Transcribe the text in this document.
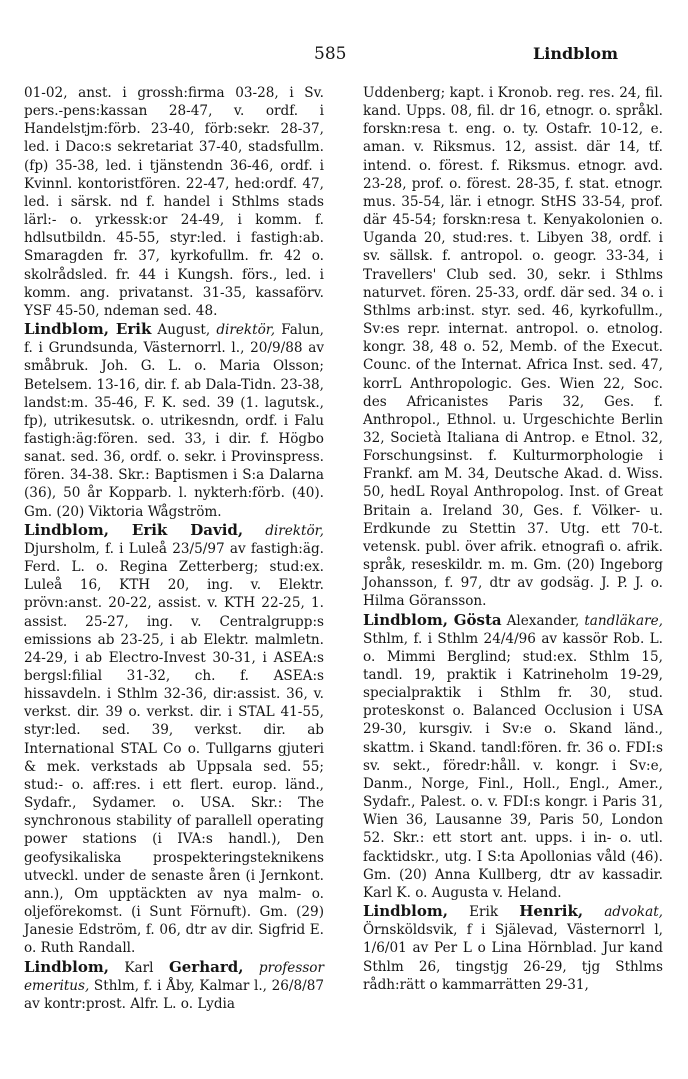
585	Lindblom

01-02, anst. i grossh:firma 03-28, i Sv. pers.-pens:kassan 28-47, v. ordf. i Handelstjm:förb. 23-40, förb:sekr. 28-37, led. i Daco:s sekretariat 37-40, stadsfullm. (fp) 35-38, led. i tjänstendn 36-46, ordf. i Kvinnl. kontoristfören. 22-47, hed:ordf. 47, led. i särsk. nd f. handel i Sthlms stads lärl:- o. yrkessk:or 24-49, i komm. f. hdlsutbildn. 45-55, styr:led. i fastigh:ab. Smaragden fr. 37, kyrkofullm. fr. 42 o. skolrådsled. fr. 44 i Kungsh. förs., led. i komm. ang. privatanst. 31-35, kassaförv. YSF 45-50, ndeman sed. 48.

Lindblom, Erik August, direktör, Falun, f. i Grundsunda, Västernorrl. l., 20/9/88 av småbruk. Joh. G. L. o. Maria Olsson; Betelsem. 13-16, dir. f. ab Dala-Tidn. 23-38, landst:m. 35-46, F. K. sed. 39 (1. lagutsk., fp), utrikesutsk. o. utrikesndn, ordf. i Falu fastigh:äg:fören. sed. 33, i dir. f. Högbo sanat. sed. 36, ordf. o. sekr. i Provinspress. fören. 34-38. Skr.: Baptismen i S:a Dalarna (36), 50 år Kopparb. l. nykterh:förb. (40). Gm. (20) Viktoria Wågström.

Lindblom, Erik David, direktör, Djursholm, f. i Luleå 23/5/97 av fastigh:äg. Ferd. L. o. Regina Zetterberg; stud:ex. Luleå 16, KTH 20, ing. v. Elektr. prövn:anst. 20-22, assist. v. KTH 22-25, 1. assist. 25-27, ing. v. Centralgrupp:s emissions ab 23-25, i ab Elektr. malmletn. 24-29, i ab Electro-Invest 30-31, i ASEA:s bergsl:filial 31-32, ch. f. ASEA:s hissavdeln. i Sthlm 32-36, dir:assist. 36, v. verkst. dir. 39 o. verkst. dir. i STAL 41-55, styr:led. sed. 39, verkst. dir. ab International STAL Co o. Tullgarns gjuteri & mek. verkstads ab Uppsala sed. 55; stud:- o. aff:res. i ett flert. europ. länd., Sydafr., Sydamer. o. USA. Skr.: The synchronous stability of parallell operating power stations (i IVA:s handl.), Den geofysikaliska prospekteringsteknikens utveckl. under de senaste åren (i Jernkont. ann.), Om upptäckten av nya malm- o. oljeförekomst. (i Sunt Förnuft). Gm. (29) Janesie Edström, f. 06, dtr av dir. Sigfrid E. o. Ruth Randall.

Lindblom, Karl Gerhard, professor emeritus, Sthlm, f. i Åby, Kalmar l., 26/8/87 av kontr:prost. Alfr. L. o. Lydia

Uddenberg; kapt. i Kronob. reg. res. 24, fil. kand. Upps. 08, fil. dr 16, etnogr. o. språkl. forskn:resa t. eng. o. ty. Ostafr. 10-12, e. aman. v. Riksmus. 12, assist. där 14, tf. intend. o. förest. f. Riksmus. etnogr. avd. 23-28, prof. o. förest. 28-35, f. stat. etnogr. mus. 35-54, lär. i etnogr. StHS 33-54, prof. där 45-54; forskn:resa t. Kenyakolonien o. Uganda 20, stud:res. t. Libyen 38, ordf. i sv. sällsk. f. antropol. o. geogr. 33-34, i Travellers' Club sed. 30, sekr. i Sthlms naturvet. fören. 25-33, ordf. där sed. 34 o. i Sthlms arb:inst. styr. sed. 46, kyrkofullm., Sv:es repr. internat. antropol. o. etnolog. kongr. 38, 48 o. 52, Memb. of the Execut. Counc. of the Internat. Africa Inst. sed. 47, korrL Anthropologic. Ges. Wien 22, Soc. des Africanistes Paris 32, Ges. f. Anthropol., Ethnol. u. Urgeschichte Berlin 32, Società Italiana di Antrop. e Etnol. 32, Forschungsinst. f. Kulturmorphologie i Frankf. am M. 34, Deutsche Akad. d. Wiss. 50, hedL Royal Anthropolog. Inst. of Great Britain a. Ireland 30, Ges. f. Völker- u. Erdkunde zu Stettin 37. Utg. ett 70-t. vetensk. publ. över afrik. etnografi o. afrik. språk, reseskildr. m. m. Gm. (20) Ingeborg Johansson, f. 97, dtr av godsäg. J. P. J. o. Hilma Göransson.

Lindblom, Gösta Alexander, tandläkare, Sthlm, f. i Sthlm 24/4/96 av kassör Rob. L. o. Mimmi Berglind; stud:ex. Sthlm 15, tandl. 19, praktik i Katrineholm 19-29, specialpraktik i Sthlm fr. 30, stud. proteskonst o. Balanced Occlusion i USA 29-30, kursgiv. i Sv:e o. Skand länd., skattm. i Skand. tandl:fören. fr. 36 o. FDI:s sv. sekt., föredr:håll. v. kongr. i Sv:e, Danm., Norge, Finl., Holl., Engl., Amer., Sydafr., Palest. o. v. FDI:s kongr. i Paris 31, Wien 36, Lausanne 39, Paris 50, London 52. Skr.: ett stort ant. upps. i in- o. utl. facktidskr., utg. I S:ta Apollonias våld (46). Gm. (20) Anna Kullberg, dtr av kassadir. Karl K. o. Augusta v. Heland.

Lindblom, Erik Henrik, advokat, Örnsköldsvik, f i Själevad, Västernorrl l, 1/6/01 av Per L o Lina Hörnblad. Jur kand Sthlm 26, tingstjg 26-29, tjg Sthlms rådh:rätt o kammarrätten 29-31,
